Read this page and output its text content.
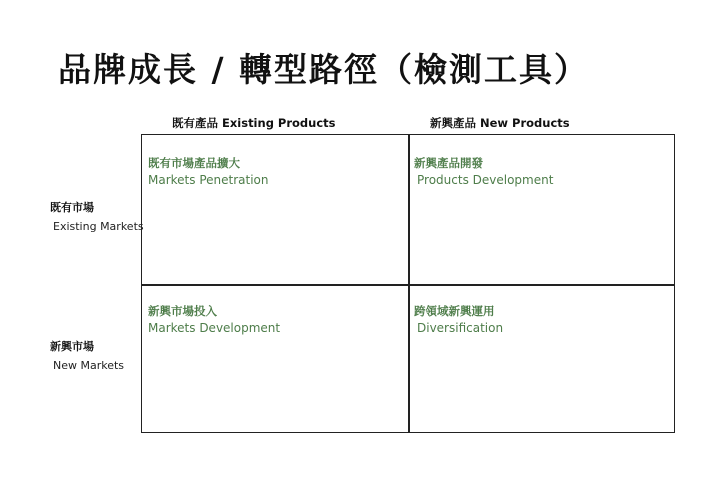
品牌成長 / 轉型路徑（檢測工具）
既有產品 Existing Products	新興產品 New Products
既有市場
Existing Markets
新興市場
New Markets
既有市場產品擴大
Markets Penetration
新興產品開發
Products Development
新興市場投入
Markets Development
跨領域新興運用
Diversification
